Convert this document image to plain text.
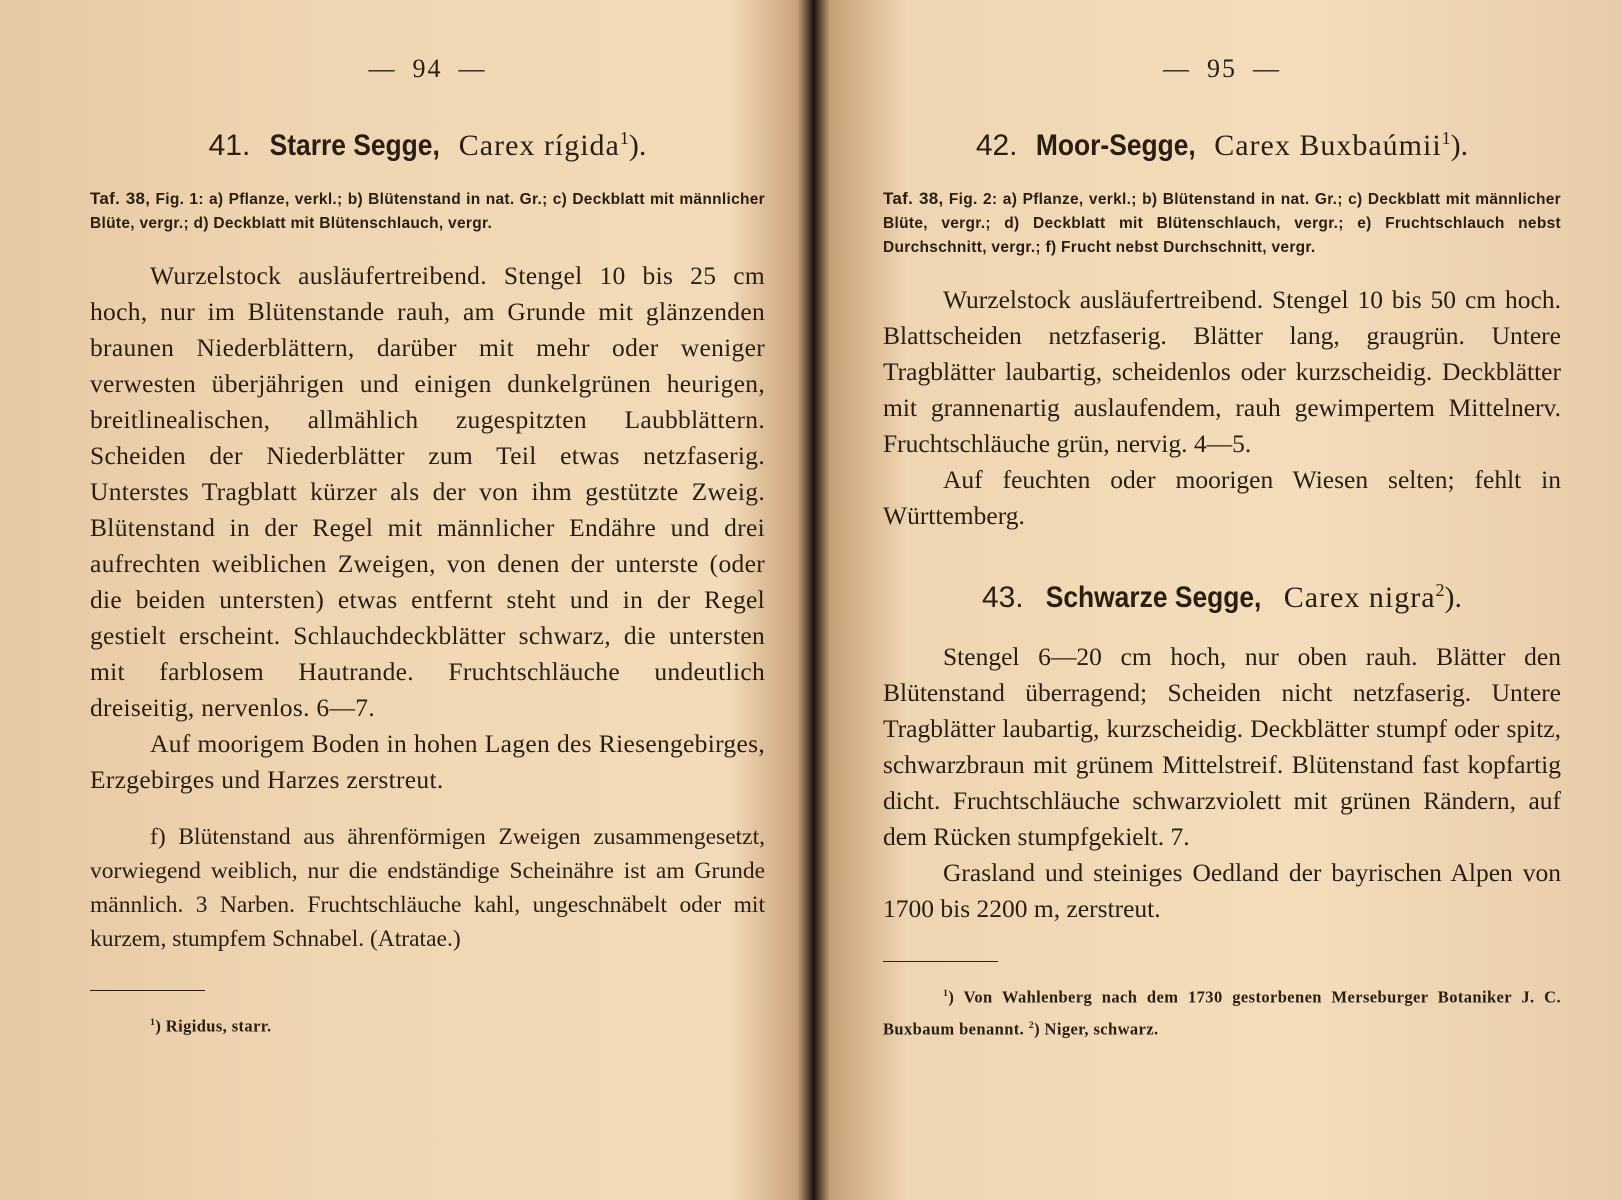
— 94 —
41. Starre Segge, Carex rígida$^1$).

Taf. 38, Fig. 1: a) Pflanze, verkl.; b) Blütenstand in nat. Gr.; c) Deckblatt mit männlicher Blüte, vergr.; d) Deckblatt mit Blütenschlauch, vergr.

Wurzelstock ausläufertreibend. Stengel 10 bis 25 cm hoch, nur im Blütenstande rauh, am Grunde mit glänzenden braunen Niederblättern, darüber mit mehr oder weniger verwesten überjährigen und einigen dunkelgrünen heurigen, breitlinealischen, allmählich zugespitzten Laubblättern. Scheiden der Niederblätter zum Teil etwas netzfaserig. Unterstes Tragblatt kürzer als der von ihm gestützte Zweig. Blütenstand in der Regel mit männlicher Endähre und drei aufrechten weiblichen Zweigen, von denen der unterste (oder die beiden untersten) etwas entfernt steht und in der Regel gestielt erscheint. Schlauchdeckblätter schwarz, die untersten mit farblosem Hautrande. Fruchtschläuche undeutlich dreiseitig, nervenlos. 6—7.

Auf moorigem Boden in hohen Lagen des Riesengebirges, Erzgebirges und Harzes zerstreut.

f) Blütenstand aus ährenförmigen Zweigen zusammengesetzt, vorwiegend weiblich, nur die endständige Scheinähre ist am Grunde männlich. 3 Narben. Fruchtschläuche kahl, ungeschnäbelt oder mit kurzem, stumpfem Schnabel. (Atratae.)

$^1$) Rigidus, starr.

— 95 —
42. Moor-Segge, Carex Buxbaúmii$^1$).

Taf. 38, Fig. 2: a) Pflanze, verkl.; b) Blütenstand in nat. Gr.; c) Deckblatt mit männlicher Blüte, vergr.; d) Deckblatt mit Blütenschlauch, vergr.; e) Fruchtschlauch nebst Durchschnitt, vergr.; f) Frucht nebst Durchschnitt, vergr.

Wurzelstock ausläufertreibend. Stengel 10 bis 50 cm hoch. Blattscheiden netzfaserig. Blätter lang, graugrün. Untere Tragblätter laubartig, scheidenlos oder kurzscheidig. Deckblätter mit grannenartig auslaufendem, rauh gewimpertem Mittelnerv. Fruchtschläuche grün, nervig. 4—5.

Auf feuchten oder moorigen Wiesen selten; fehlt in Württemberg.

43. Schwarze Segge, Carex nigra$^2$).

Stengel 6—20 cm hoch, nur oben rauh. Blätter den Blütenstand überragend; Scheiden nicht netzfaserig. Untere Tragblätter laubartig, kurzscheidig. Deckblätter stumpf oder spitz, schwarzbraun mit grünem Mittelstreif. Blütenstand fast kopfartig dicht. Fruchtschläuche schwarzviolett mit grünen Rändern, auf dem Rücken stumpfgekielt. 7.

Grasland und steiniges Oedland der bayrischen Alpen von 1700 bis 2200 m, zerstreut.

$^1$) Von Wahlenberg nach dem 1730 gestorbenen Merseburger Botaniker J. C. Buxbaum benannt. $^2$) Niger, schwarz.
